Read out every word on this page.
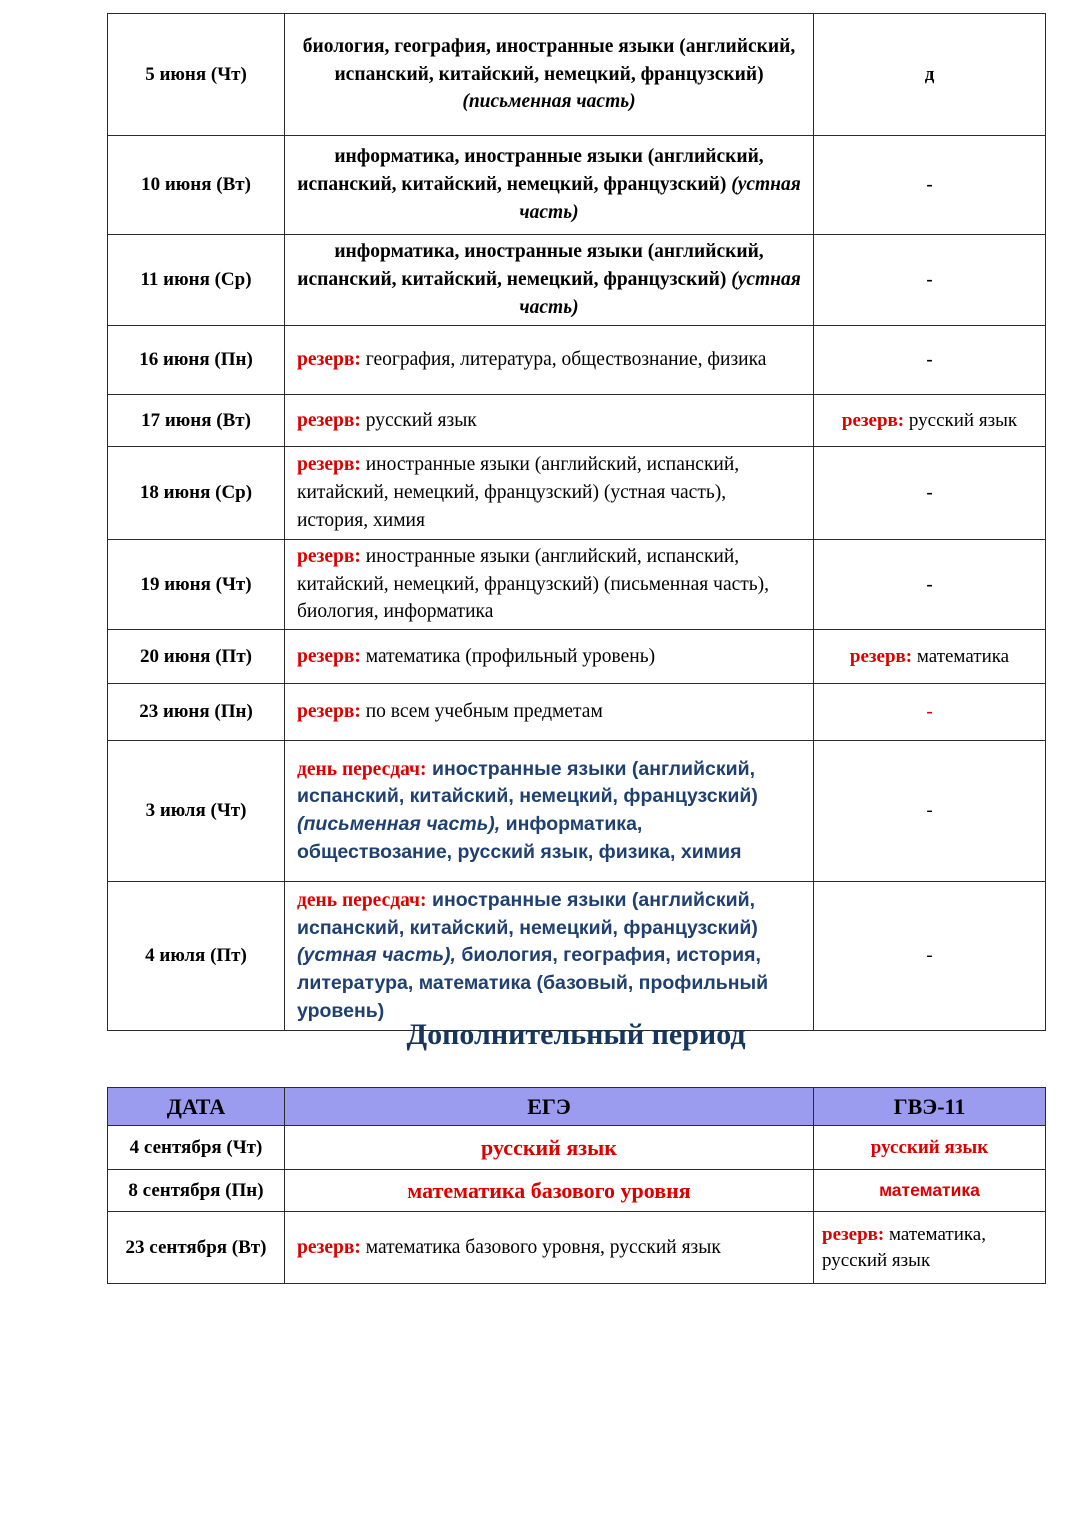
5 июня (Чт)	биология, география, иностранные языки (английский, испанский, китайский, немецкий, французский) (письменная часть)	д
10 июня (Вт)	информатика, иностранные языки (английский, испанский, китайский, немецкий, французский) (устная часть)	-
11 июня (Ср)	информатика, иностранные языки (английский, испанский, китайский, немецкий, французский) (устная часть)	-
16 июня (Пн)	резерв: география, литература, обществознание, физика	-
17 июня (Вт)	резерв: русский язык	резерв: русский язык
18 июня (Ср)	резерв: иностранные языки (английский, испанский, китайский, немецкий, французский) (устная часть), история, химия	-
19 июня (Чт)	резерв: иностранные языки (английский, испанский, китайский, немецкий, французский) (письменная часть), биология, информатика	-
20 июня (Пт)	резерв: математика (профильный уровень)	резерв: математика
23 июня (Пн)	резерв: по всем учебным предметам	-
3 июля (Чт)	день пересдач: иностранные языки (английский, испанский, китайский, немецкий, французский) (письменная часть), информатика, обществозание, русский язык, физика, химия	-
4 июля (Пт)	день пересдач: иностранные языки (английский, испанский, китайский, немецкий, французский) (устная часть), биология, география, история, литература, математика (базовый, профильный уровень)	-
Дополнительный период
ДАТА	ЕГЭ	ГВЭ-11
4 сентября (Чт)	русский язык	русский язык
8 сентября (Пн)	математика базового уровня	математика
23 сентября (Вт)	резерв: математика базового уровня, русский язык	резерв: математика, русский язык
